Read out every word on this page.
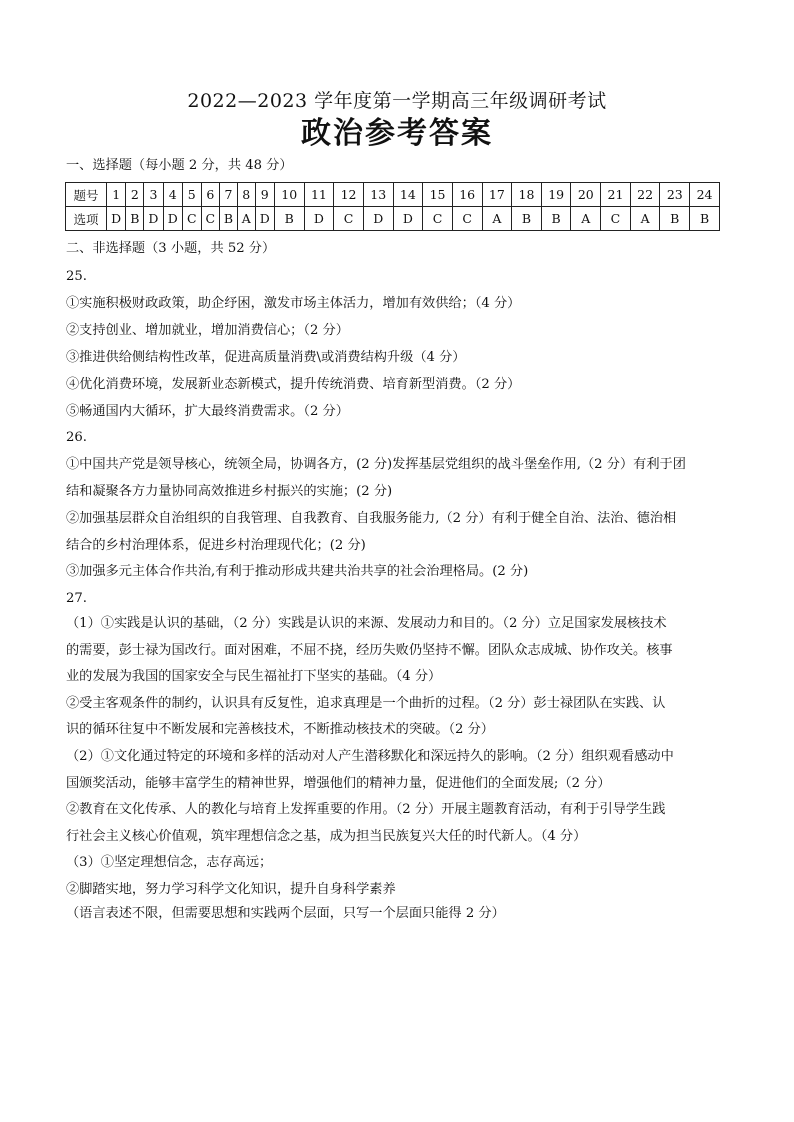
2022—2023 学年度第一学期高三年级调研考试
政治参考答案
一、选择题（每小题 2 分，共 48 分）
题号	1	2	3	4	5	6	7	8	9	10	11	12	13	14	15	16	17	18	19	20	21	22	23	24
选项	D	B	D	D	C	C	B	A	D	B	D	C	D	D	C	C	A	B	B	A	C	A	B	B
二、非选择题（3 小题，共 52 分）
25.
①实施积极财政政策，助企纾困，激发市场主体活力，增加有效供给；（4 分）
②支持创业、增加就业，增加消费信心；（2 分）
③推进供给侧结构性改革，促进高质量消费\或消费结构升级（4 分）
④优化消费环境，发展新业态新模式，提升传统消费、培育新型消费。（2 分）
⑤畅通国内大循环，扩大最终消费需求。（2 分）
26.
①中国共产党是领导核心，统领全局，协调各方，(2 分)发挥基层党组织的战斗堡垒作用,（2 分）有利于团
结和凝聚各方力量协同高效推进乡村振兴的实施；(2 分)
②加强基层群众自治组织的自我管理、自我教育、自我服务能力,（2 分）有利于健全自治、法治、德治相
结合的乡村治理体系，促进乡村治理现代化；(2 分)
③加强多元主体合作共治,有利于推动形成共建共治共享的社会治理格局。(2 分)
27.
（1）①实践是认识的基础，（2 分）实践是认识的来源、发展动力和目的。（2 分）立足国家发展核技术
的需要，彭士禄为国改行。面对困难，不屈不挠，经历失败仍坚持不懈。团队众志成城、协作攻关。核事
业的发展为我国的国家安全与民生福祉打下坚实的基础。（4 分）
②受主客观条件的制约，认识具有反复性，追求真理是一个曲折的过程。（2 分）彭士禄团队在实践、认
识的循环往复中不断发展和完善核技术，不断推动核技术的突破。（2 分）
（2）①文化通过特定的环境和多样的活动对人产生潜移默化和深远持久的影响。（2 分）组织观看感动中
国颁奖活动，能够丰富学生的精神世界，增强他们的精神力量，促进他们的全面发展;（2 分）
②教育在文化传承、人的教化与培育上发挥重要的作用。（2 分）开展主题教育活动，有利于引导学生践
行社会主义核心价值观，筑牢理想信念之基，成为担当民族复兴大任的时代新人。（4 分）
（3）①坚定理想信念，志存高远；
②脚踏实地，努力学习科学文化知识，提升自身科学素养
（语言表述不限，但需要思想和实践两个层面，只写一个层面只能得 2 分）
